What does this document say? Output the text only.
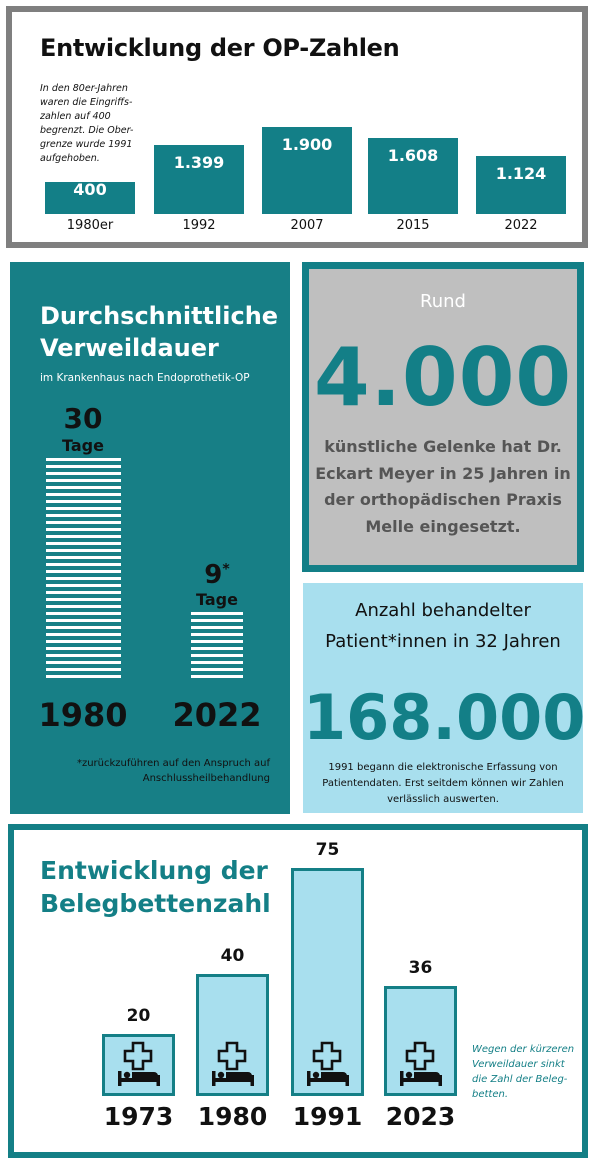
Entwicklung der OP-Zahlen
In den 80er-Jahren waren die Eingriffs-zahlen auf 400 begrenzt. Die Ober-grenze wurde 1991 aufgehoben.
400
1980er
1.399
1992
1.900
2007
1.608
2015
1.124
2022
Durchschnittliche Verweildauer
im Krankenhaus nach Endoprothetik-OP
Tage
30
1980
Tage
9*
2022
*zurückzuführen auf den Anspruch auf Anschlussheilbehandlung
Rund
4.000

künstliche Gelenke hat Dr. Eckart Meyer in 25 Jahren in der orthopädischen Praxis Melle eingesetzt.

Anzahl behandelter Patient*innen in 32 Jahren

168.000

1991 begann die elektronische Erfassung von Patientendaten. Erst seitdem können wir Zahlen verlässlich auswerten.

Entwicklung der Belegbettenzahl

20
1973
40
1980
75
1991
36
2023

Wegen der kürzeren Verweildauer sinkt die Zahl der Beleg-betten.
